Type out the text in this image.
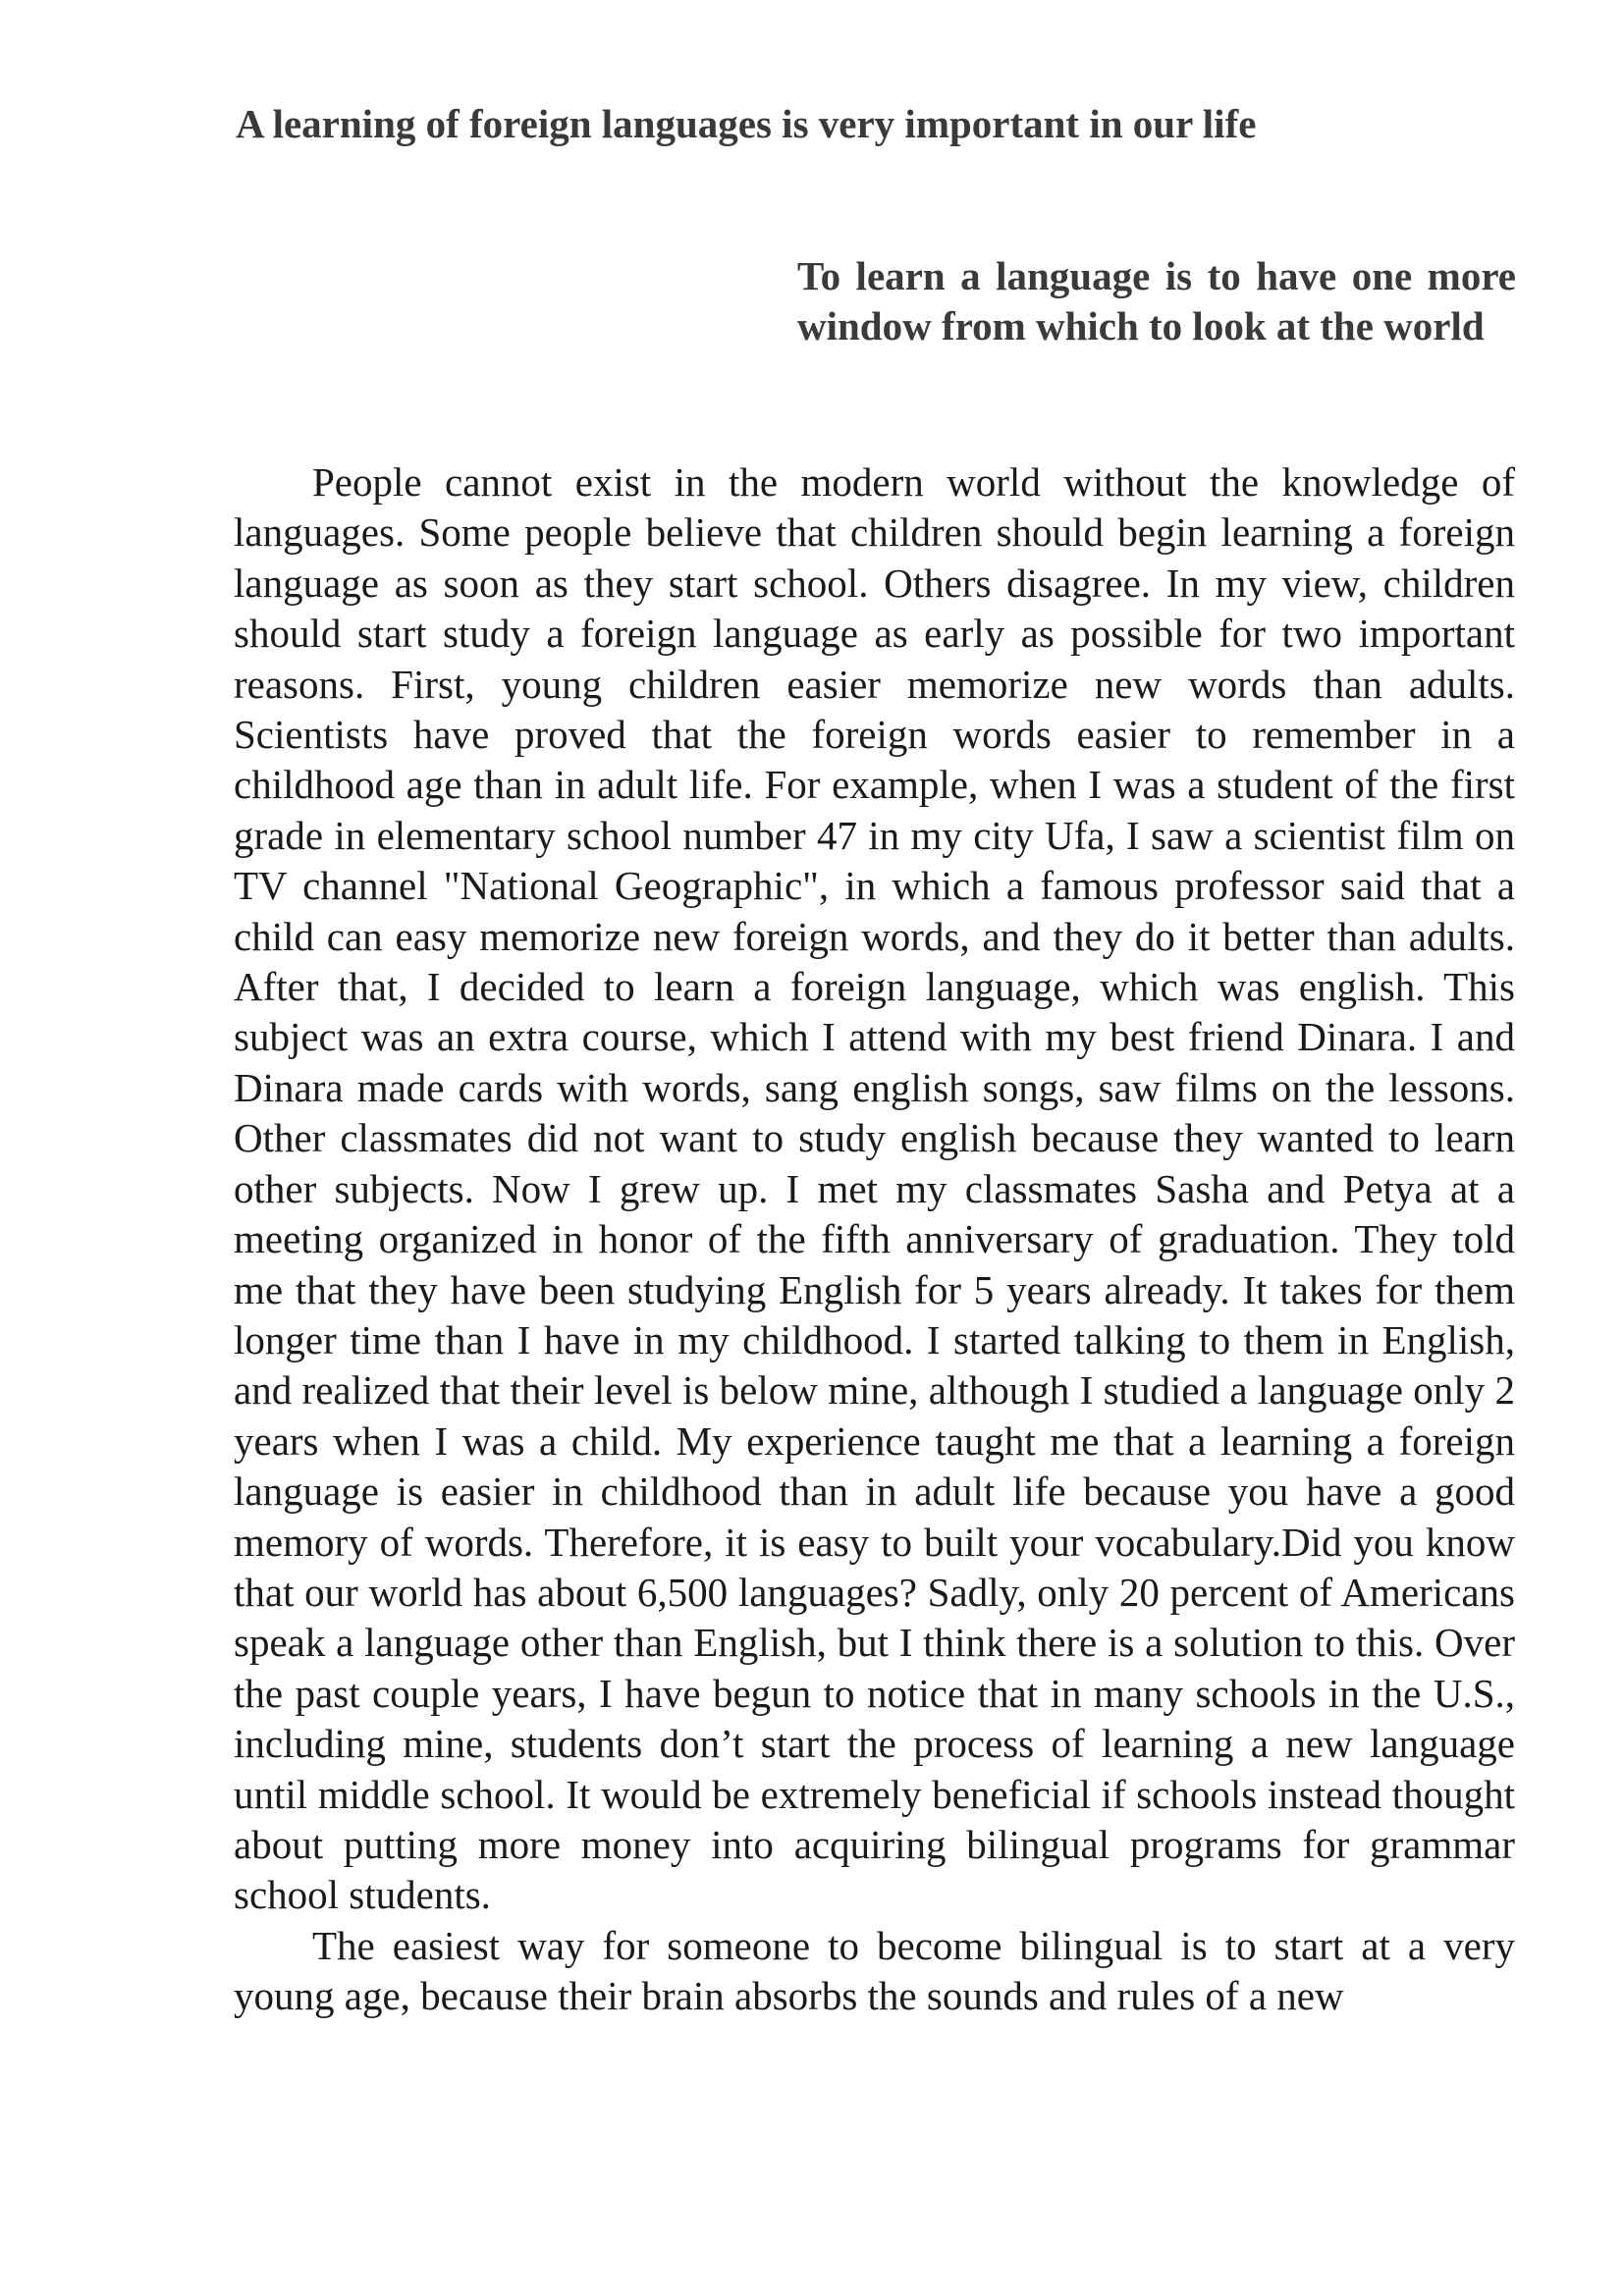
A learning of foreign languages is very important in our life

To learn a language is to have one more window from which to look at the world

People cannot exist in the modern world without the knowledge of languages. Some people believe that children should begin learning a foreign language as soon as they start school. Others disagree. In my view, children should start study a foreign language as early as possible for two important reasons. First, young children easier memorize new words than adults. Scientists have proved that the foreign words easier to remember in a childhood age than in adult life. For example, when I was a student of the first grade in elementary school number 47 in my city Ufa, I saw a scientist film on TV channel "National Geographic", in which a famous professor said that a child can easy memorize new foreign words, and they do it better than adults. After that, I decided to learn a foreign language, which was english. This subject was an extra course, which I attend with my best friend Dinara. I and Dinara made cards with words, sang english songs, saw films on the lessons. Other classmates did not want to study english because they wanted to learn other subjects. Now I grew up. I met my classmates Sasha and Petya at a meeting organized in honor of the fifth anniversary of graduation. They told me that they have been studying English for 5 years already. It takes for them longer time than I have in my childhood. I started talking to them in English, and realized that their level is below mine, although I studied a language only 2 years when I was a child. My experience taught me that a learning a foreign language is easier in childhood than in adult life because you have a good memory of words. Therefore, it is easy to built your vocabulary.Did you know that our world has about 6,500 languages? Sadly, only 20 percent of Americans speak a language other than English, but I think there is a solution to this. Over the past couple years, I have begun to notice that in many schools in the U.S., including mine, students don’t start the process of learning a new language until middle school. It would be extremely beneficial if schools instead thought about putting more money into acquiring bilingual programs for grammar school students.

The easiest way for someone to become bilingual is to start at a very young age, because their brain absorbs the sounds and rules of a new
